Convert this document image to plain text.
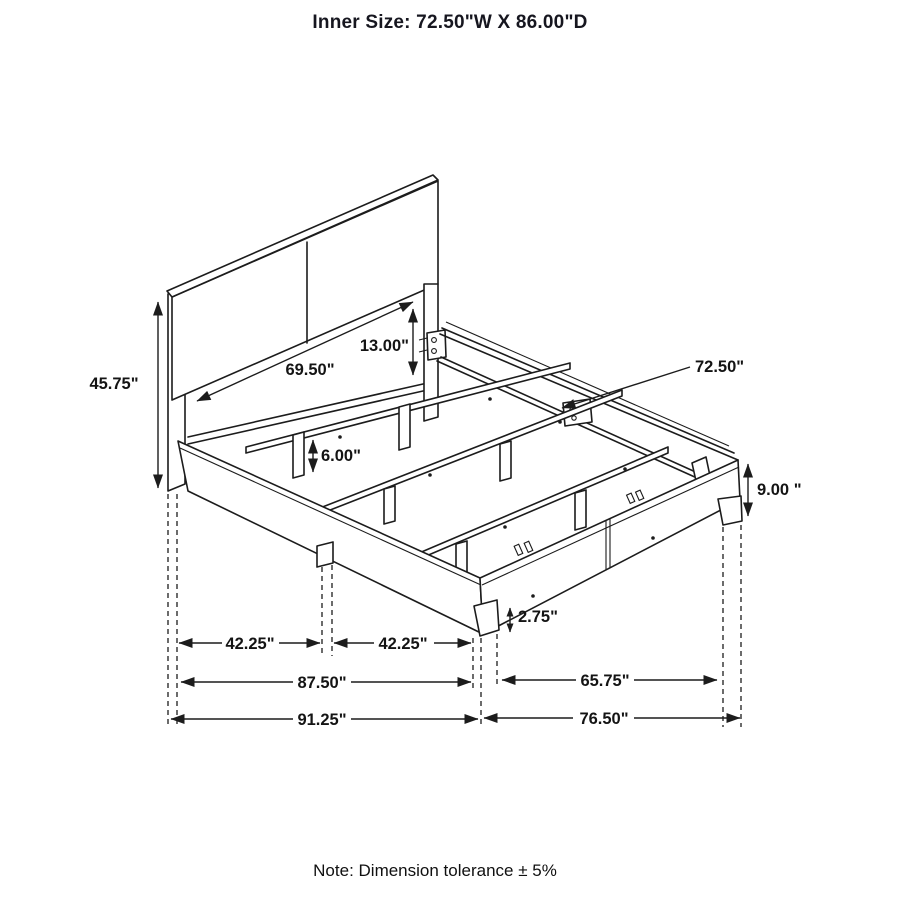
Inner Size: 72.50"W X 86.00"D
45.75"
69.50"
13.00"
72.50"
6.00"
9.00 "
2.75"
42.25"	42.25"
87.50"	65.75"
91.25"	76.50"
Note: Dimension tolerance ± 5%
